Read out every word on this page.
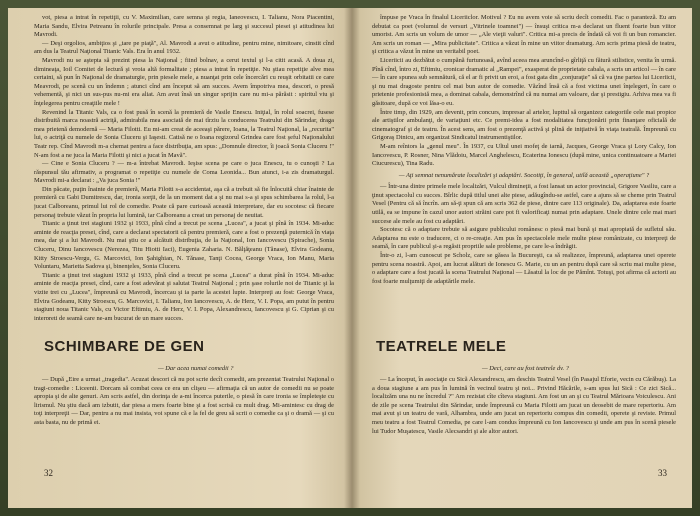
vot, piesa a intrat în repetiţii, cu V. Maximilian, care semna şi regia, Ianeovescu, I. Talianu, Nora Piacentini, Maria Sandu, Elvira Petreanu în rolurile principale. Presa a consemnat pe larg şi succesul piesei şi atitudinea lui Mavrodi.

— Deşi orgolios, ambiţios şi „tare pe piaţă", Al. Mavrodi a avut o atitudine, pentru mine, nimitoare, cinstit cînd am dus la Teatrul Naţional Titanic Vals. Era în anul 1932.

Mavrodi nu se aştepta să prezint piesa la Naţional ; fiind bolnav, a cerut textul şi l-a citit acasă. A doua zi, dimineaţa, Ioil Comitet de lectură şi vroia altă formalitate ; piesa a intrat în repetiţie. Nu ştiau repetiţie alve mea certaini, să pun în Naţional de dramaturgie, prin piesele mele, a nuanţat prin cele încercări cu reuşit orbitatii ce care Meavrodi, pe scenă cu un îndemn ; atunci cînd am început să am succes. Avem împotriva mea, descori, o presă vehementă, şi nici un sus-pus nu-mi era aliat. Am avut însă un singur sprijin care nu mi-a părăsit : spiritul viu şi înţelegerea pentru creaţiile mele !

Revenind la Titanic Vals, ca o fost pusă în scenă la premieră de Vasile Enescu. Iniţial, în rolul soacrei, fusese distribuită marca noastră actriţă, admirabila mea asociată de mai tîrziu la conducerea Teatrului din Sărindar, draga mea prietenă demodernă — Maria Filotti. Eu mi-am creat de aceeaşi părere, Ioana, la Teatrul Naţional, la „recurita" lui, o actriţă cu numele de Sonia Cluceru şi Iaşesti. Catisă ne o Ioana regizorul Grindea care fost şeful Naţionalului Teatr rep. Cînd Mavrodi m-a chemat pentru a face distribuţia, am spus: „Domnule director, îi joacă Sonia Cluceru !" N-am fost a ne juca la Maria Filotti şi nici a jucat în Mavă".

— Cine e Sonia Cluceru ? — m-a întrebat Mavrodi. Ieşise scena pe care o juca Enescu, tu o cunoşti ? La răspunsul tău afirmativ, a programat o repetiţie cu numele de Coma Leonida... Bun atunci, i-a zis dramaturgul. Mavrodi mi-a declarat : „Va juca Sonia !"

Din păcate, puţin înainte de premieră, Maria Filotti s-a accidentat, aşa că a trebuit să fie înlocuită chiar înainte de premieră cu Gabi Dumitrescu, dar, ironia sorţii, de la un moment dat a şi nu mai s-a şi spus schimbarea la rolul, l-a jucat Calboreanu, primul lui rol de comedie. Poate că pare curioasă această interpretare, dar eu socotesc că fiecare personaj trebuie văzut în propria lui lumină, iar Calboreanu a creat un personaj de neuitat.

Titanic a ţinut trei stagiuni 1932 şi 1933, pînă cînd a trecut pe scena „Lucea", a jucat şi pînă în 1934. Mi-aduc aminte de reacţia presei, cînd, care a declarat spectatorii că pentru premieră, care a fost o prezenţă puternică în viaţa mea, dar şi a lui Mavrodi. Nu mai ştiu ce a alcătuit distribuţia, de la Naţional, Ion Iancovescu (Spirache), Sonia Cluceru, Dinu Iancovescu (Nerezea, Titu Hiotti Iaci), Eugenia Zaharia. N. Bălţăţeanu (Tănase), Elvira Godeanu, Kitty Stroescu-Vergu, G. Marcovici, Ion Şahighian, N. Tănase, Tanţi Cocea, George Vraca, Ion Manu, Maria Voluntaru, Marietta Sadova şi, binenţeles, Sonia Cluceru.

Titanic a ţinut trei stagiuni 1932 şi 1933, pînă cînd a trecut pe scena „Lucea" a durat pînă în 1934. Mi-aduc aminte de reacţia presei, cînd, care a fost adevărat şi salutat Teatrul Naţional ; prin şase rolurile noi de Titanic şi la vizite trei cu „Lucea", împreună cu Mavrodi, încercau şi ia parte la acestei lupte. Interpreţi au fost: George Vraca, Elvira Godeanu, Kitty Stroescu, G. Marcovici, I. Talianu, Ion Iancovescu, A. de Herz, V. I. Popa, am putut în pentru stagiuni noua Titanic Vals, cu Victor Eftimiu, A. de Herz, V. I. Popa, Alexandrescu, Iancovescu şi G. Ciprian şi cu interpreţi de seamă care ne-am bucurat de un mare succes.

SCHIMBARE DE GEN
— Dar acea numai comedii ?

— După „Eire a urmat „tragedia". Acuzat descori că nu pot scrie decît comedii, am prezentat Teatrului Naţional o tragi-comedie : Liceenii. Dorcam să combat ceea ce era un clişeu — afirmaţia că un autor de comedii nu se poate apropia şi de alte genuri. Am scris astfel, din dorinţa de a-mi încerca puterile, o piesă în care ironia se împleteşte cu lirismul. Nu ştiu dacă am izbutit, dar piesa a mers foarte bine şi a fost scrisă cu mult drag. Mi-amintesc cu drag de toţi interpreţii — Dar, pentru a nu mai insista, voi spune că e la fel de greu să scrii o comedie ca şi o dramă — şi cu asta basta, nu de primă ei.

32

împuse pe Vraca în finalul Liceriiclor. Motivul ? Eu nu avem voie să scriu decît comedii. Fac o paranteză. Eu am debutat ca poet (volumul de versuri „Vitrinele toamnei") — însuşi critica m-a declarat un fluent foarte bun viitor umorist. Am scris un volum de umor — „Ale vieţii valuri". Critica mi-a precis de îndată că voi fi un bun romancier. Am scris un roman — „Mira publicitate". Critica a văzut în mine un viitor dramaturg. Am scris prima piesă de teatru, şi critica a văzut în mine un veritabil poet.

Liceriicii au dezbătut o cumpănă furtunoasă, avînd aceea mea aruncînd-o gîrliţă cu fătură stilistice, venita în urmă. Pînă cînd, întro zi, Eftimiu, cronicar dramatic al „Rampei", exasperat de proprietate cabala, a scris un articol — în care — în care spunea sub semnătură, că el ar fi privit un eroi, a fost gata din „conjuraţie" să că va ţine partea lui Liceriicii, şi nu mai dragoste pentru cel mai bun autor de comedie. Văzînd însă că a fost victima unei înţelegeri, în care o prietenie profesionistă mea, a dominat cabala, demonstrînd că nu numai am valoare, dar şi prestigiu. Arhiva mea va fi găsitoare, după ce voi lăsa-o eu.

Între timp, din 1929, am devenit, prin concurs, impresar al artelor, lupttul să organizez categoriile cele mai propice ale artiştilor ambulanţi, de variaţiuni etc. Ce premi-idea a fost modalitatea funcţionării prin finanţare oficială de cinematograf şi de teatru. În acest sens, am fost o prezenţă activă şi plină de iniţiativă în viaţa teatrală. Împreună cu Grigoraş Dinicu, am organizat Sindicatul instrumentiştilor.

M-am reîntors la „genul meu". În 1937, cu Ultul unei mofeţ de iarnă, Jacques, George Vraca şi Lory Calcy, Ion Iancovescu, P. Rosner, Nina Vlădoiu, Marcel Anghelescu, Ecaterina Ionescu (după mine, unica continuatoare a Mariei Ciucurescu), Tina Radu.

— Aţi semnat nenumărate localizări şi adaptări. Socotiţi, în general, utilă această „operaţiune" ?

— Într-una dintre primele mele localizări, Vulcul dimineţii, a fost lansat un actor provincial, Grigore Vasiliu, care a ţinut spectacolul cu succes. Bîrlic după titlul unei alte piese, adăugîndu-se astfel, care a ajuns să se cheme prin Teatrul Vesel (Pentru că să încrîn. am să-ţi spun că am scris 362 de piese, dintre care 113 originale). Da, adaptarea este foarte utilă, ea se impune în cazul unor autori străini care pot fi valorificaţi numai prin adaptare. Unele dintre cele mai mari succese ale mele au fost cu adaptări.

Socotesc că o adaptare trebuie să asigure publicului românesc o piesă mai bună şi mai apropiată de sufletul său. Adaptarea nu este o traducere, ci o re-creaţie. Am pus în spectacolele mele multe piese românizate, cu interpreţi de seamă, în care publicul şi-a regăsit propriile sale probleme, pe care le-a îndrăgit.

Într-o zi, l-am cunoscut pe Scholz, care se găsea la Bucureşti, ca să realizeze, împreună, adaptarea unei operete pentru scena noastră. Apoi, am lucrat alături de Ionescu G. Marie, cu un an pentru după care să scriu mai multe piese, o adaptare care a fost jucată la scena Teatrului Naţional — Lăsatul la loc de pe Pămînt. Totuşi, pot afirma că actorii au fost foarte mulţumiţi de adaptările mele.

TEATRELE MELE
— Deci, care au fost teatrele dv. ?

— La început, în asociaţie cu Sică Alexandrescu, am deschis Teatrul Vesel (în Pasajul Eforie, vecin cu Cărăbuş). La a doua stagiune a am pus în lumină în vecinul teatru şi noi... Privind Hăcările, s-am spus lui Sică : Ce zici Sică... localizăm una nu ne încredul ?" Am rezistat cîte cîteva stagiuni. Am fost un an şi cu Teatrul Mărioara Voiculescu. Ani de zile pe scena Teatrului din Sărindar, unde împreună cu Maria Filotti am jucat un deosebit de mare repertoriu. Am mai avut şi un teatru de vară, Alhambra, unde am jucat un repertoriu compus din comedii, operete şi reviste. Primul meu teatru a fost Teatrul Comedia, pe care l-am condus împreună cu Ion Iancovescu şi unde am pus în scenă piesele lui Tudor Muşatescu, Vasile Alecsandri şi ale altor autori.

33
